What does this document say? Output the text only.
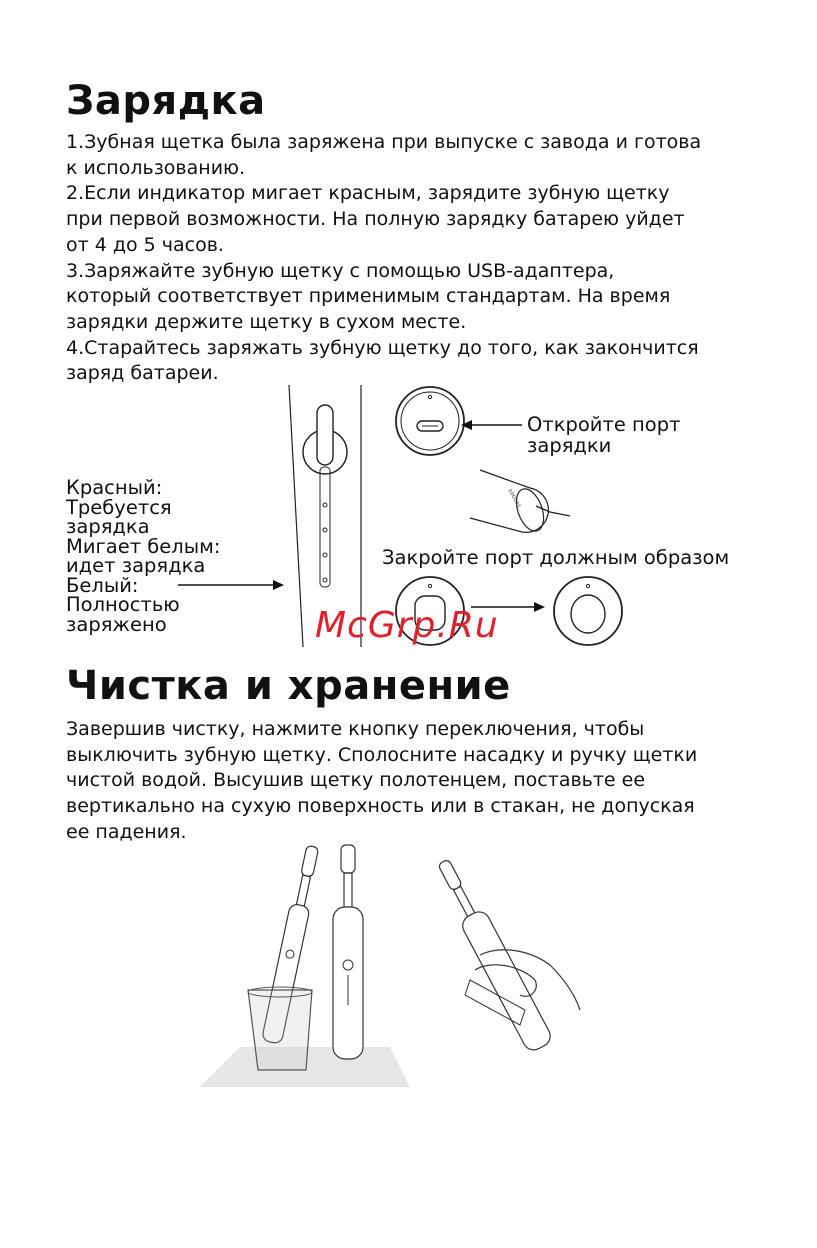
Зарядка
1.Зубная щетка была заряжена при выпуске с завода и готова
к использованию.
2.Если индикатор мигает красным, зарядите зубную щетку
при первой возможности. На полную зарядку батарею уйдет
от 4 до 5 часов.
3.Заряжайте зубную щетку с помощью USB-адаптера,
который соответствует применимым стандартам. На время
зарядки держите щетку в сухом месте.
4.Старайтесь заряжать зубную щетку до того, как закончится
заряд батареи.
Красный:
Требуется
зарядка
Мигает белым:
идет зарядка
Белый:
Полностью
заряжено
Откройте порт
зарядки
soocas
Закройте порт должным образом
McGrp.Ru
Чистка и хранение
Завершив чистку, нажмите кнопку переключения, чтобы
выключить зубную щетку. Сполосните насадку и ручку щетки
чистой водой. Высушив щетку полотенцем, поставьте ее
вертикально на сухую поверхность или в стакан, не допуская
ее падения.
